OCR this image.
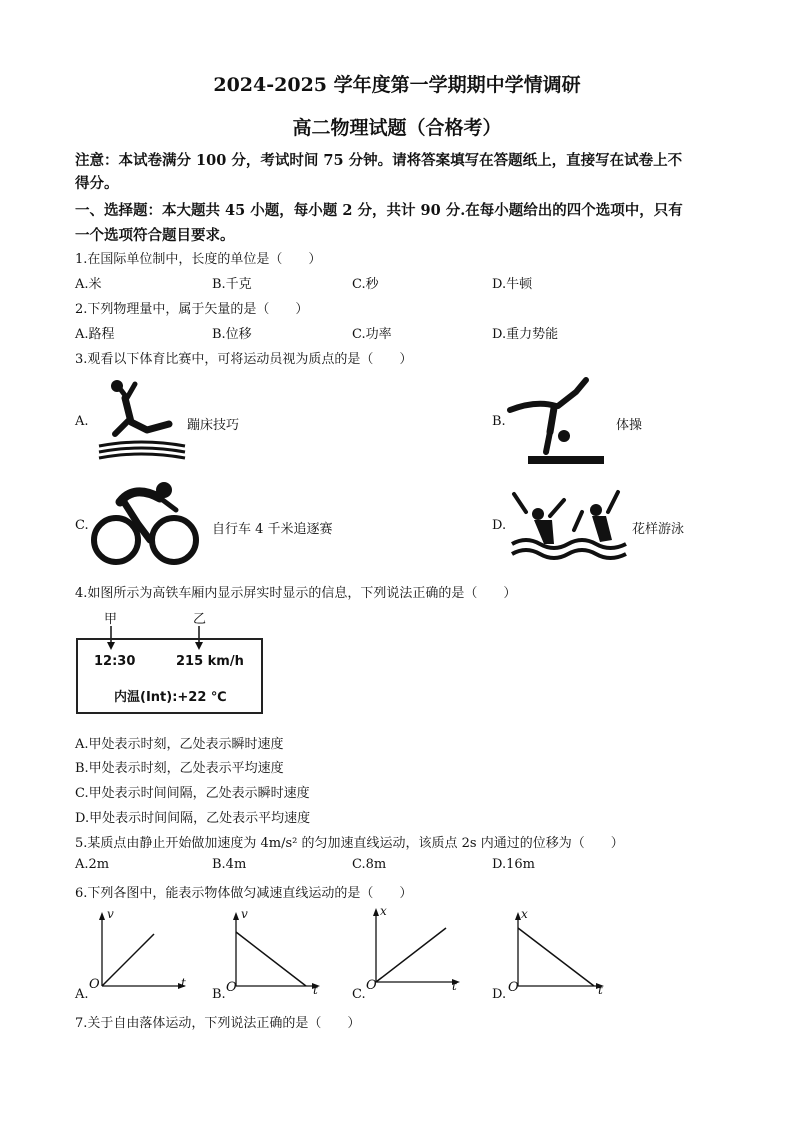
2024-2025 学年度第一学期期中学情调研
高二物理试题（合格考）
注意：本试卷满分 100 分，考试时间 75 分钟。请将答案填写在答题纸上，直接写在试卷上不
得分。
一、选择题：本大题共 45 小题，每小题 2 分，共计 90 分.在每小题给出的四个选项中，只有
一个选项符合题目要求。
1.在国际单位制中，长度的单位是（　　）
A.米	B.千克	C.秒	D.牛顿
2.下列物理量中，属于矢量的是（　　）
A.路程	B.位移	C.功率	D.重力势能
3.观看以下体育比赛中，可将运动员视为质点的是（　　）
A.	蹦床技巧	B.	体操
C.	自行车 4 千米追逐赛	D.	花样游泳
4.如图所示为高铁车厢内显示屏实时显示的信息，下列说法正确的是（　　）
甲	乙
12:30	215 km/h
内温(Int):+22 ℃
A.甲处表示时刻，乙处表示瞬时速度
B.甲处表示时刻，乙处表示平均速度
C.甲处表示时间间隔，乙处表示瞬时速度
D.甲处表示时间间隔，乙处表示平均速度
5.某质点由静止开始做加速度为 4m/s² 的匀加速直线运动，该质点 2s 内通过的位移为（　　）
A.2m	B.4m	C.8m	D.16m
6.下列各图中，能表示物体做匀减速直线运动的是（　　）
A.
v
O	t
B.
v
O	t	C.
x
O	t
D.
x
O	t
7.关于自由落体运动，下列说法正确的是（　　）
